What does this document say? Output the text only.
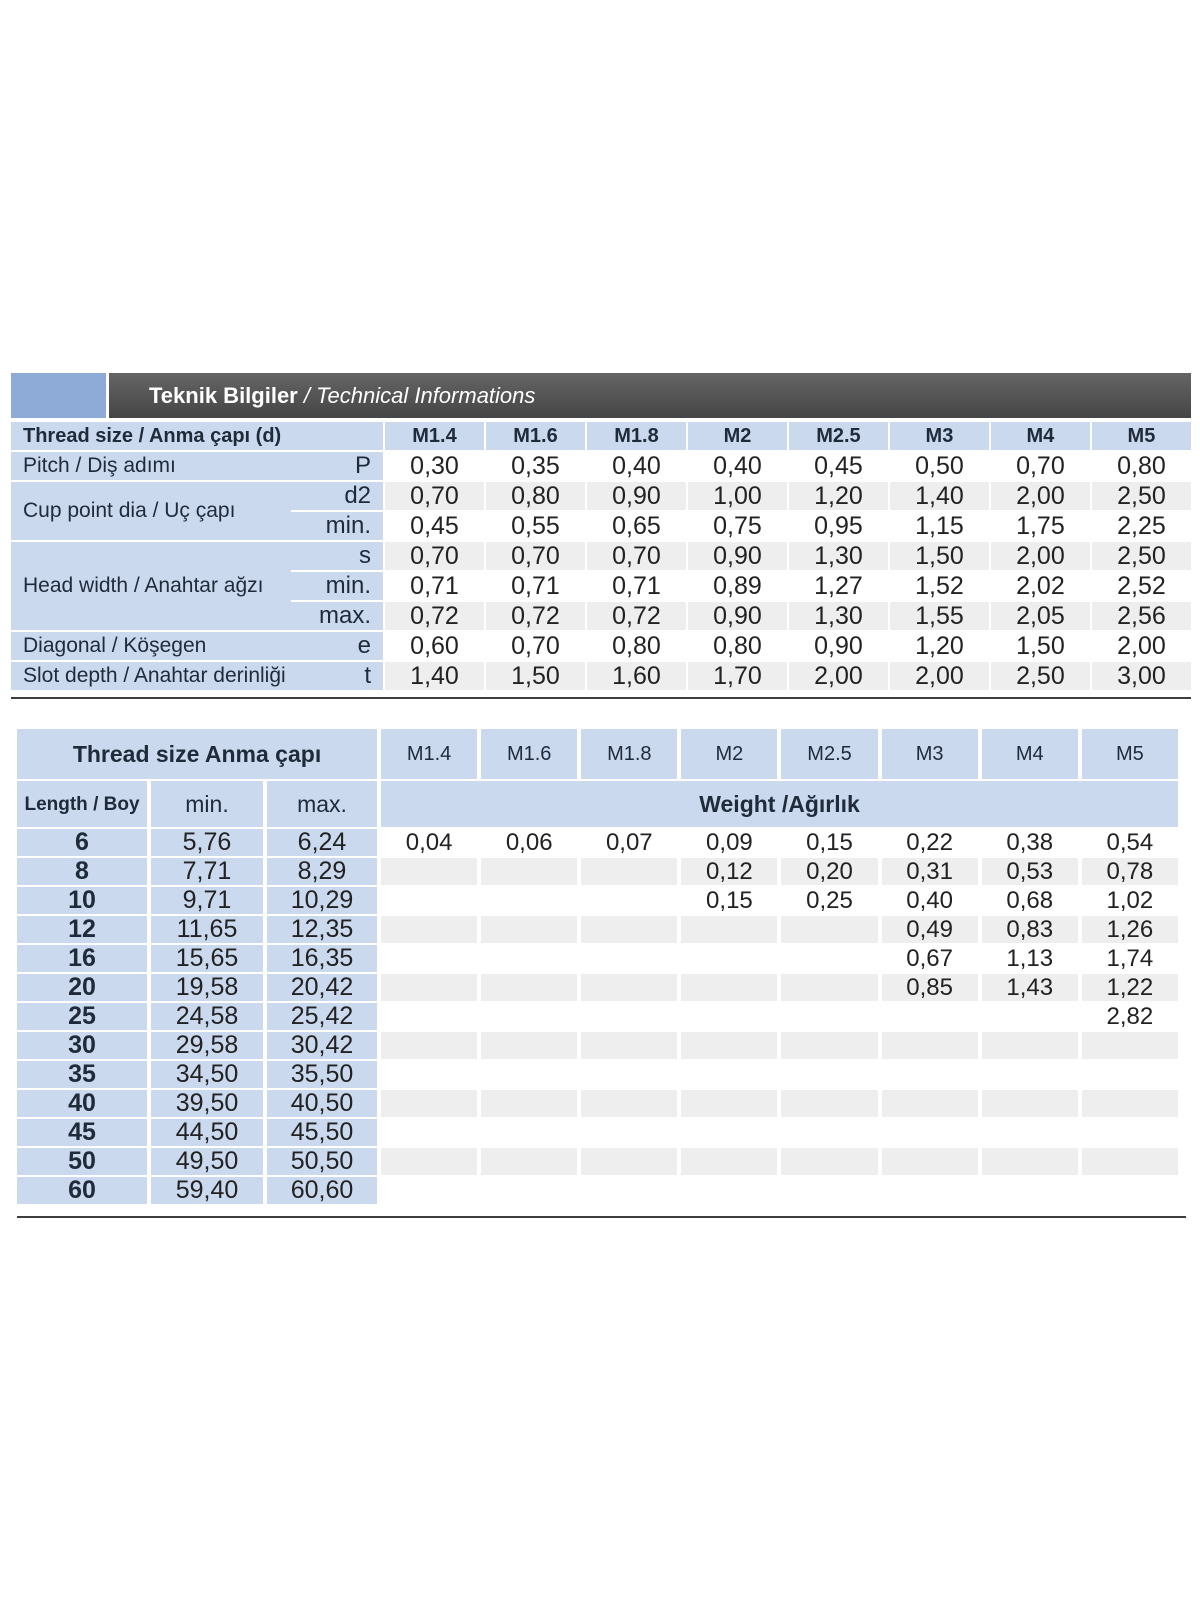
Teknik Bilgiler / Technical Informations
Thread size / Anma çapı (d)		M1.4	M1.6	M1.8	M2	M2.5	M3	M4	M5
Pitch / Diş adımı	P	0,30	0,35	0,40	0,40	0,45	0,50	0,70	0,80
Cup point dia / Uç çapı	d2	0,70	0,80	0,90	1,00	1,20	1,40	2,00	2,50
	min.	0,45	0,55	0,65	0,75	0,95	1,15	1,75	2,25
Head width / Anahtar ağzı	s	0,70	0,70	0,70	0,90	1,30	1,50	2,00	2,50
	min.	0,71	0,71	0,71	0,89	1,27	1,52	2,02	2,52
	max.	0,72	0,72	0,72	0,90	1,30	1,55	2,05	2,56
Diagonal / Köşegen	e	0,60	0,70	0,80	0,80	0,90	1,20	1,50	2,00
Slot depth / Anahtar derinliği	t	1,40	1,50	1,60	1,70	2,00	2,00	2,50	3,00
Thread size Anma çapı			M1.4	M1.6	M1.8	M2	M2.5	M3	M4	M5
Length / Boy	min.	max.	Weight /Ağırlık							
6	5,76	6,24	0,04	0,06	0,07	0,09	0,15	0,22	0,38	0,54
8	7,71	8,29				0,12	0,20	0,31	0,53	0,78
10	9,71	10,29				0,15	0,25	0,40	0,68	1,02
12	11,65	12,35						0,49	0,83	1,26
16	15,65	16,35						0,67	1,13	1,74
20	19,58	20,42						0,85	1,43	1,22
25	24,58	25,42								2,82
30	29,58	30,42								
35	34,50	35,50								
40	39,50	40,50								
45	44,50	45,50								
50	49,50	50,50								
60	59,40	60,60								
